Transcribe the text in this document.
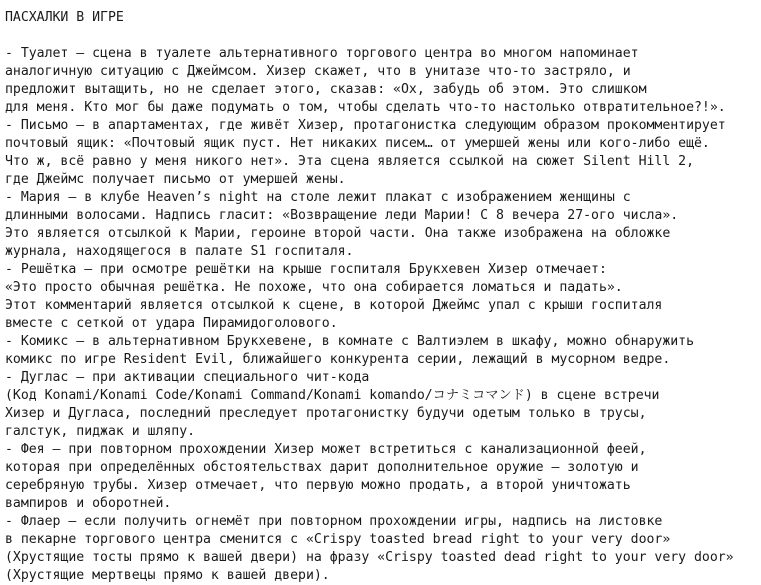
ПАСХАЛКИ В ИГРЕ
- Туалет — сцена в туалете альтернативного торгового центра во многом напоминает
аналогичную ситуацию с Джеймсом. Хизер скажет, что в унитазе что-то застряло, и
предложит вытащить, но не сделает этого, сказав: «Ох, забудь об этом. Это слишком
для меня. Кто мог бы даже подумать о том, чтобы сделать что-то настолько отвратительное?!».
- Письмо — в апартаментах, где живёт Хизер, протагонистка следующим образом прокомментирует
почтовый ящик: «Почтовый ящик пуст. Нет никаких писем… от умершей жены или кого-либо ещё.
Что ж, всё равно у меня никого нет». Эта сцена является ссылкой на сюжет Silent Hill 2,
где Джеймс получает письмо от умершей жены.
- Мария — в клубе Heaven’s night на столе лежит плакат с изображением женщины с
длинными волосами. Надпись гласит: «Возвращение леди Марии! С 8 вечера 27-ого числа».
Это является отсылкой к Марии, героине второй части. Она также изображена на обложке
журнала, находящегося в палате S1 госпиталя.
- Решётка — при осмотре решётки на крыше госпиталя Брукхевен Хизер отмечает:
«Это просто обычная решётка. Не похоже, что она собирается ломаться и падать».
Этот комментарий является отсылкой к сцене, в которой Джеймс упал с крыши госпиталя
вместе с сеткой от удара Пирамидоголового.
- Комикс — в альтернативном Брукхевене, в комнате с Валтиэлем в шкафу, можно обнаружить
комикс по игре Resident Evil, ближайшего конкурента серии, лежащий в мусорном ведре.
- Дуглас — при активации специального чит-кода
(Код Konami/Konami Code/Konami Command/Konami komando/コナミコマンド) в сцене встречи
Хизер и Дугласа, последний преследует протагонистку будучи одетым только в трусы,
галстук, пиджак и шляпу.
- Фея — при повторном прохождении Хизер может встретиться с канализационной феей,
которая при определённых обстоятельствах дарит дополнительное оружие — золотую и
серебряную трубы. Хизер отмечает, что первую можно продать, а второй уничтожать
вампиров и оборотней.
- Флаер — если получить огнемёт при повторном прохождении игры, надпись на листовке
в пекарне торгового центра сменится с «Crispy toasted bread right to your very door»
(Хрустящие тосты прямо к вашей двери) на фразу «Crispy toasted dead right to your very door»
(Хрустящие мертвецы прямо к вашей двери).
